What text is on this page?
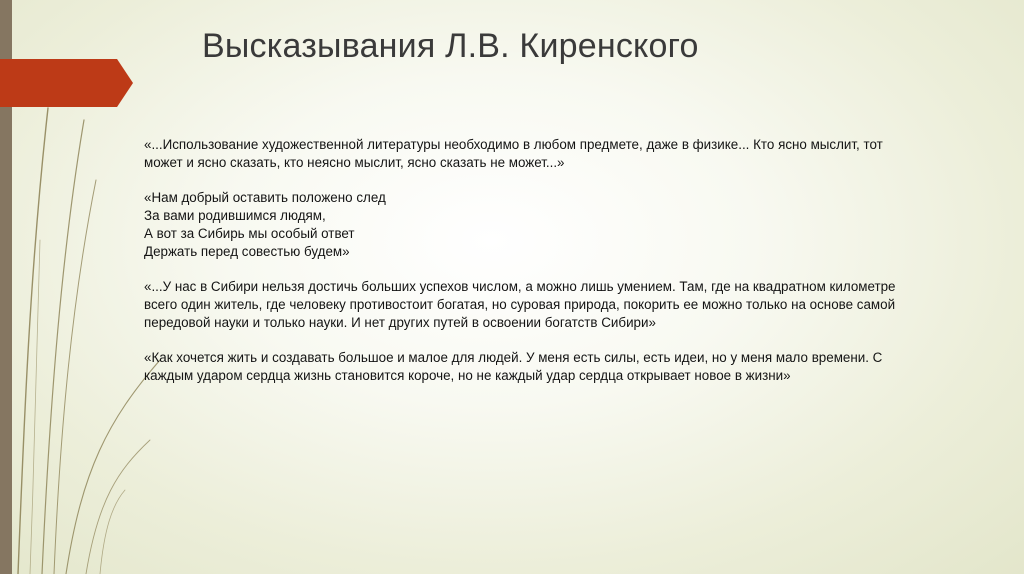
Высказывания Л.В. Киренского

«...Использование художественной литературы необходимо в любом предмете, даже в физике... Кто ясно мыслит, тот может и ясно сказать, кто неясно мыслит, ясно сказать не может...»

«Нам добрый оставить положено след
За вами родившимся людям,
А вот за Сибирь мы особый ответ
Держать перед совестью будем»

«...У нас в Сибири нельзя достичь больших успехов числом, а можно лишь умением. Там, где на квадратном километре всего один житель, где человеку противостоит богатая, но суровая природа, покорить ее можно только на основе самой передовой науки и только науки. И нет других путей в освоении богатств Сибири»

«Как хочется жить и создавать большое и малое для людей. У меня есть силы, есть идеи, но у меня мало времени. С каждым ударом сердца жизнь становится короче, но не каждый удар сердца открывает новое в жизни»
